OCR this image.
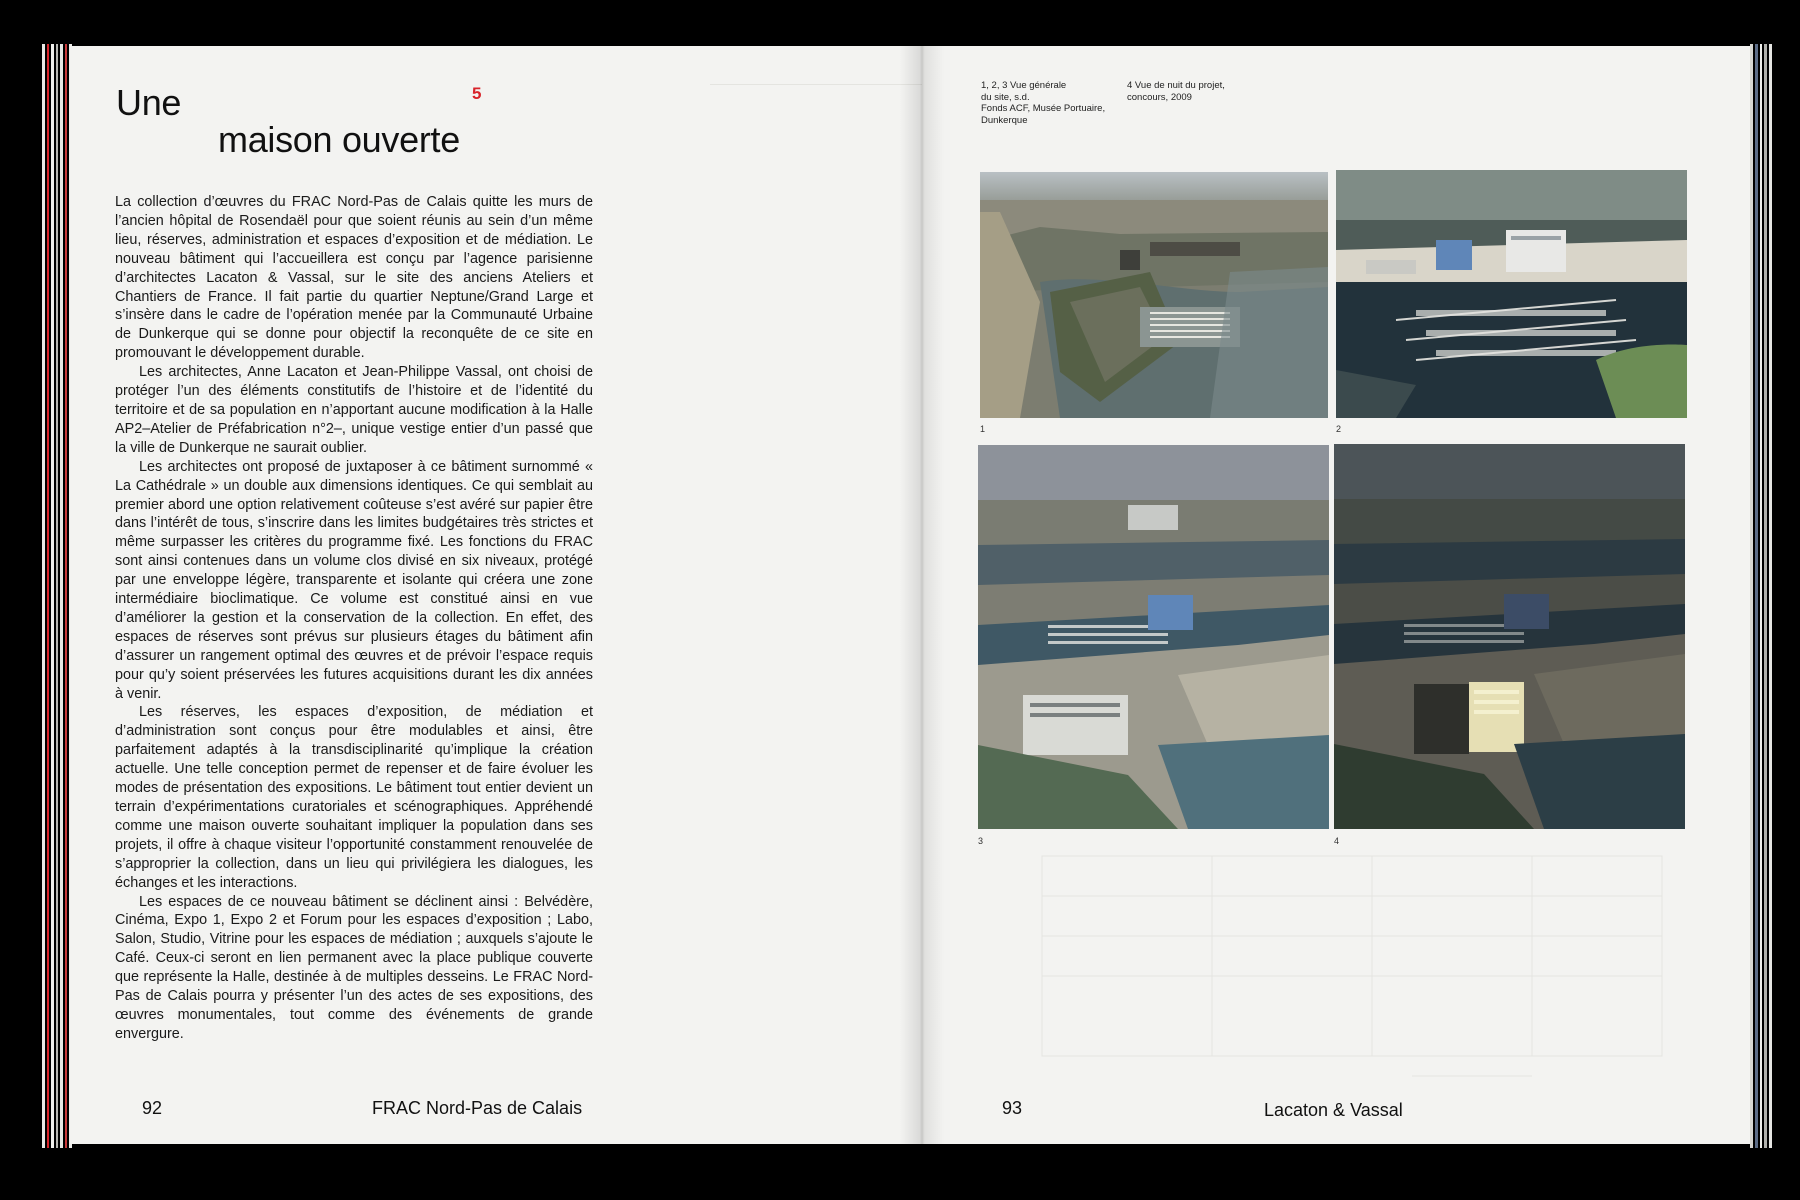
Une
maison ouverte
5

La collection d’œuvres du FRAC Nord-Pas de Calais quitte les murs de l’ancien hôpital de Rosendaël pour que soient réunis au sein d’un même lieu, réserves, administration et espaces d’exposition et de médiation. Le nouveau bâtiment qui l’accueillera est conçu par l’agence parisienne d’architectes Lacaton & Vassal, sur le site des anciens Ateliers et Chantiers de France. Il fait partie du quartier Neptune/Grand Large et s’insère dans le cadre de l’opération menée par la Communauté Urbaine de Dunkerque qui se donne pour objectif la reconquête de ce site en promouvant le développement durable.

Les architectes, Anne Lacaton et Jean-Philippe Vassal, ont choisi de protéger l’un des éléments constitutifs de l’histoire et de l’identité du territoire et de sa population en n’apportant aucune modification à la Halle AP2–Atelier de Préfabrication n°2–, unique vestige entier d’un passé que la ville de Dunkerque ne saurait oublier.

Les architectes ont proposé de juxtaposer à ce bâtiment surnommé « La Cathédrale » un double aux dimensions identiques. Ce qui semblait au premier abord une option relativement coûteuse s’est avéré sur papier être dans l’intérêt de tous, s’inscrire dans les limites budgétaires très strictes et même surpasser les critères du programme fixé. Les fonctions du FRAC sont ainsi contenues dans un volume clos divisé en six niveaux, protégé par une enveloppe légère, transparente et isolante qui créera une zone intermédiaire bioclimatique. Ce volume est constitué ainsi en vue d’améliorer la gestion et la conservation de la collection. En effet, des espaces de réserves sont prévus sur plusieurs étages du bâtiment afin d’assurer un rangement optimal des œuvres et de prévoir l’espace requis pour qu’y soient préservées les futures acquisitions durant les dix années à venir.

Les réserves, les espaces d’exposition, de médiation et d’administration sont conçus pour être modulables et ainsi, être parfaitement adaptés à la transdisciplinarité qu’implique la création actuelle. Une telle conception permet de repenser et de faire évoluer les modes de présentation des expositions. Le bâtiment tout entier devient un terrain d’expérimentations curatoriales et scénographiques. Appréhendé comme une maison ouverte souhaitant impliquer la population dans ses projets, il offre à chaque visiteur l’opportunité constamment renouvelée de s’approprier la collection, dans un lieu qui privilégiera les dialogues, les échanges et les interactions.

Les espaces de ce nouveau bâtiment se déclinent ainsi : Belvédère, Cinéma, Expo 1, Expo 2 et Forum pour les espaces d’exposition ; Labo, Salon, Studio, Vitrine pour les espaces de médiation ; auxquels s’ajoute le Café. Ceux-ci seront en lien permanent avec la place publique couverte que représente la Halle, destinée à de multiples desseins. Le FRAC Nord-Pas de Calais pourra y présenter l’un des actes de ses expositions, des œuvres monumentales, tout comme des événements de grande envergure.

92	FRAC Nord-Pas de Calais
1, 2, 3 Vue générale
du site, s.d.
Fonds ACF, Musée Portuaire,
Dunkerque
4 Vue de nuit du projet,
concours, 2009
1	2
3	4
93	Lacaton & Vassal
